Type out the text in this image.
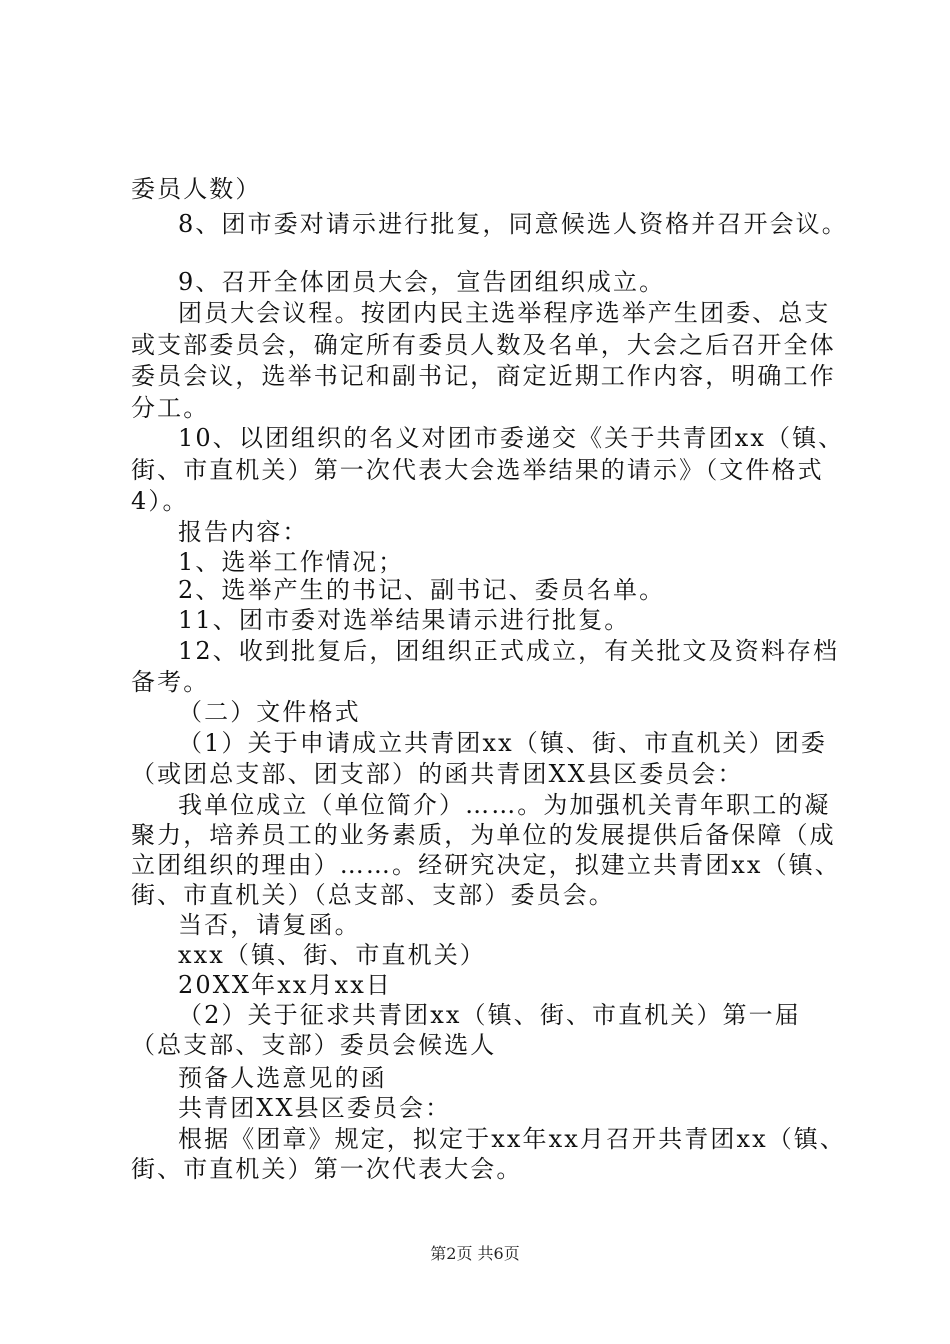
委员人数）
8、团市委对请示进行批复，同意候选人资格并召开会议。
9、召开全体团员大会，宣告团组织成立。
团员大会议程。按团内民主选举程序选举产生团委、总支
或支部委员会，确定所有委员人数及名单，大会之后召开全体
委员会议，选举书记和副书记，商定近期工作内容，明确工作
分工。
10、以团组织的名义对团市委递交《关于共青团xx（镇、
街、市直机关）第一次代表大会选举结果的请示》（文件格式
4）。
报告内容：
1、选举工作情况；
2、选举产生的书记、副书记、委员名单。
11、团市委对选举结果请示进行批复。
12、收到批复后，团组织正式成立，有关批文及资料存档
备考。
（二）文件格式
（1）关于申请成立共青团xx（镇、街、市直机关）团委
（或团总支部、团支部）的函共青团XX县区委员会：
我单位成立（单位简介）……。为加强机关青年职工的凝
聚力，培养员工的业务素质，为单位的发展提供后备保障（成
立团组织的理由）……。经研究决定，拟建立共青团xx（镇、
街、市直机关）（总支部、支部）委员会。
当否，请复函。
xxx（镇、街、市直机关）
20XX年xx月xx日
（2）关于征求共青团xx（镇、街、市直机关）第一届
（总支部、支部）委员会候选人
预备人选意见的函
共青团XX县区委员会：
根据《团章》规定，拟定于xx年xx月召开共青团xx（镇、
街、市直机关）第一次代表大会。
第2页 共6页
